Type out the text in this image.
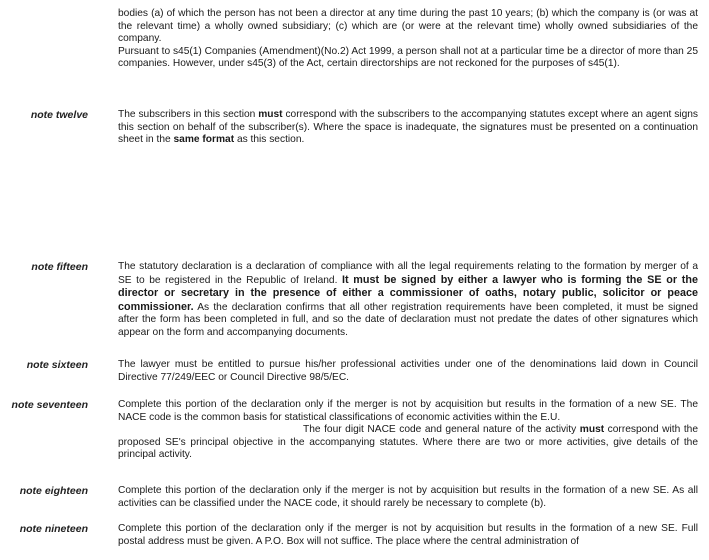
bodies (a) of which the person has not been a director at any time during the past 10 years; (b) which the company is (or was at the relevant time) a wholly owned subsidiary; (c) which are (or were at the relevant time) wholly owned subsidiaries of the company.

Pursuant to s45(1) Companies (Amendment)(No.2) Act 1999, a person shall not at a particular time be a director of more than 25 companies. However, under s45(3) of the Act, certain directorships are not reckoned for the purposes of s45(1).

note twelve	The subscribers in this section must correspond with the subscribers to the accompanying statutes except where an agent signs this section on behalf of the subscriber(s). Where the space is inadequate, the signatures must be presented on a continuation sheet in the same format as this section.
note fifteen	The statutory declaration is a declaration of compliance with all the legal requirements relating to the formation by merger of a SE to be registered in the Republic of Ireland. It must be signed by either a lawyer who is forming the SE or the director or secretary in the presence of either a commissioner of oaths, notary public, solicitor or peace commissioner. As the declaration confirms that all other registration requirements have been completed, it must be signed after the form has been completed in full, and so the date of declaration must not predate the dates of other signatures which appear on the form and accompanying documents.
note sixteen	The lawyer must be entitled to pursue his/her professional activities under one of the denominations laid down in Council Directive 77/249/EEC or Council Directive 98/5/EC.
note seventeen	Complete this portion of the declaration only if the merger is not by acquisition but results in the formation of a new SE. The NACE code is the common basis for statistical classifications of economic activities within the E.U.

The four digit NACE code and general nature of the activity must correspond with the proposed SE's principal objective in the accompanying statutes. Where there are two or more activities, give details of the principal activity.

note eighteen	Complete this portion of the declaration only if the merger is not by acquisition but results in the formation of a new SE. As all activities can be classified under the NACE code, it should rarely be necessary to complete (b).
note nineteen	Complete this portion of the declaration only if the merger is not by acquisition but results in the formation of a new SE. Full postal address must be given. A P.O. Box will not suffice. The place where the central administration of
